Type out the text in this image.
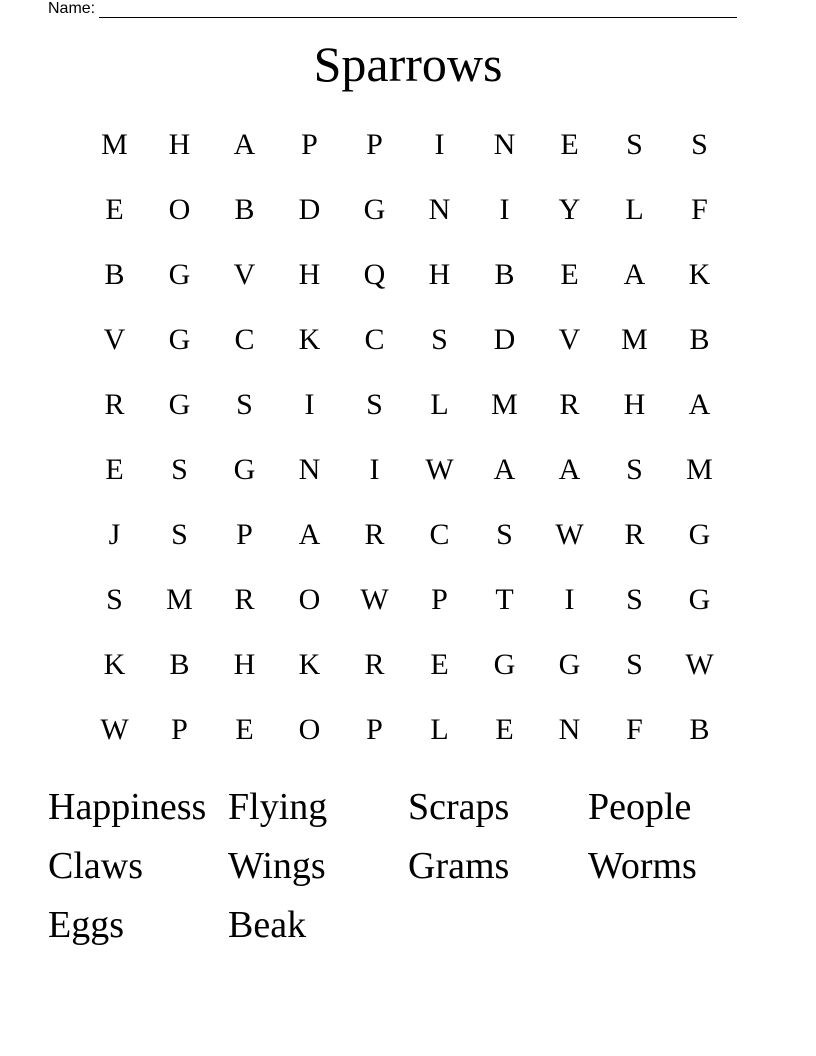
Name:
Sparrows
M	H	A	P	P	I	N	E	S	S
E	O	B	D	G	N	I	Y	L	F
B	G	V	H	Q	H	B	E	A	K
V	G	C	K	C	S	D	V	M	B
R	G	S	I	S	L	M	R	H	A
E	S	G	N	I	W	A	A	S	M
J	S	P	A	R	C	S	W	R	G
S	M	R	O	W	P	T	I	S	G
K	B	H	K	R	E	G	G	S	W
W	P	E	O	P	L	E	N	F	B
Happiness Flying	Scraps	People
Claws	Wings	Grams	Worms
Eggs	Beak
